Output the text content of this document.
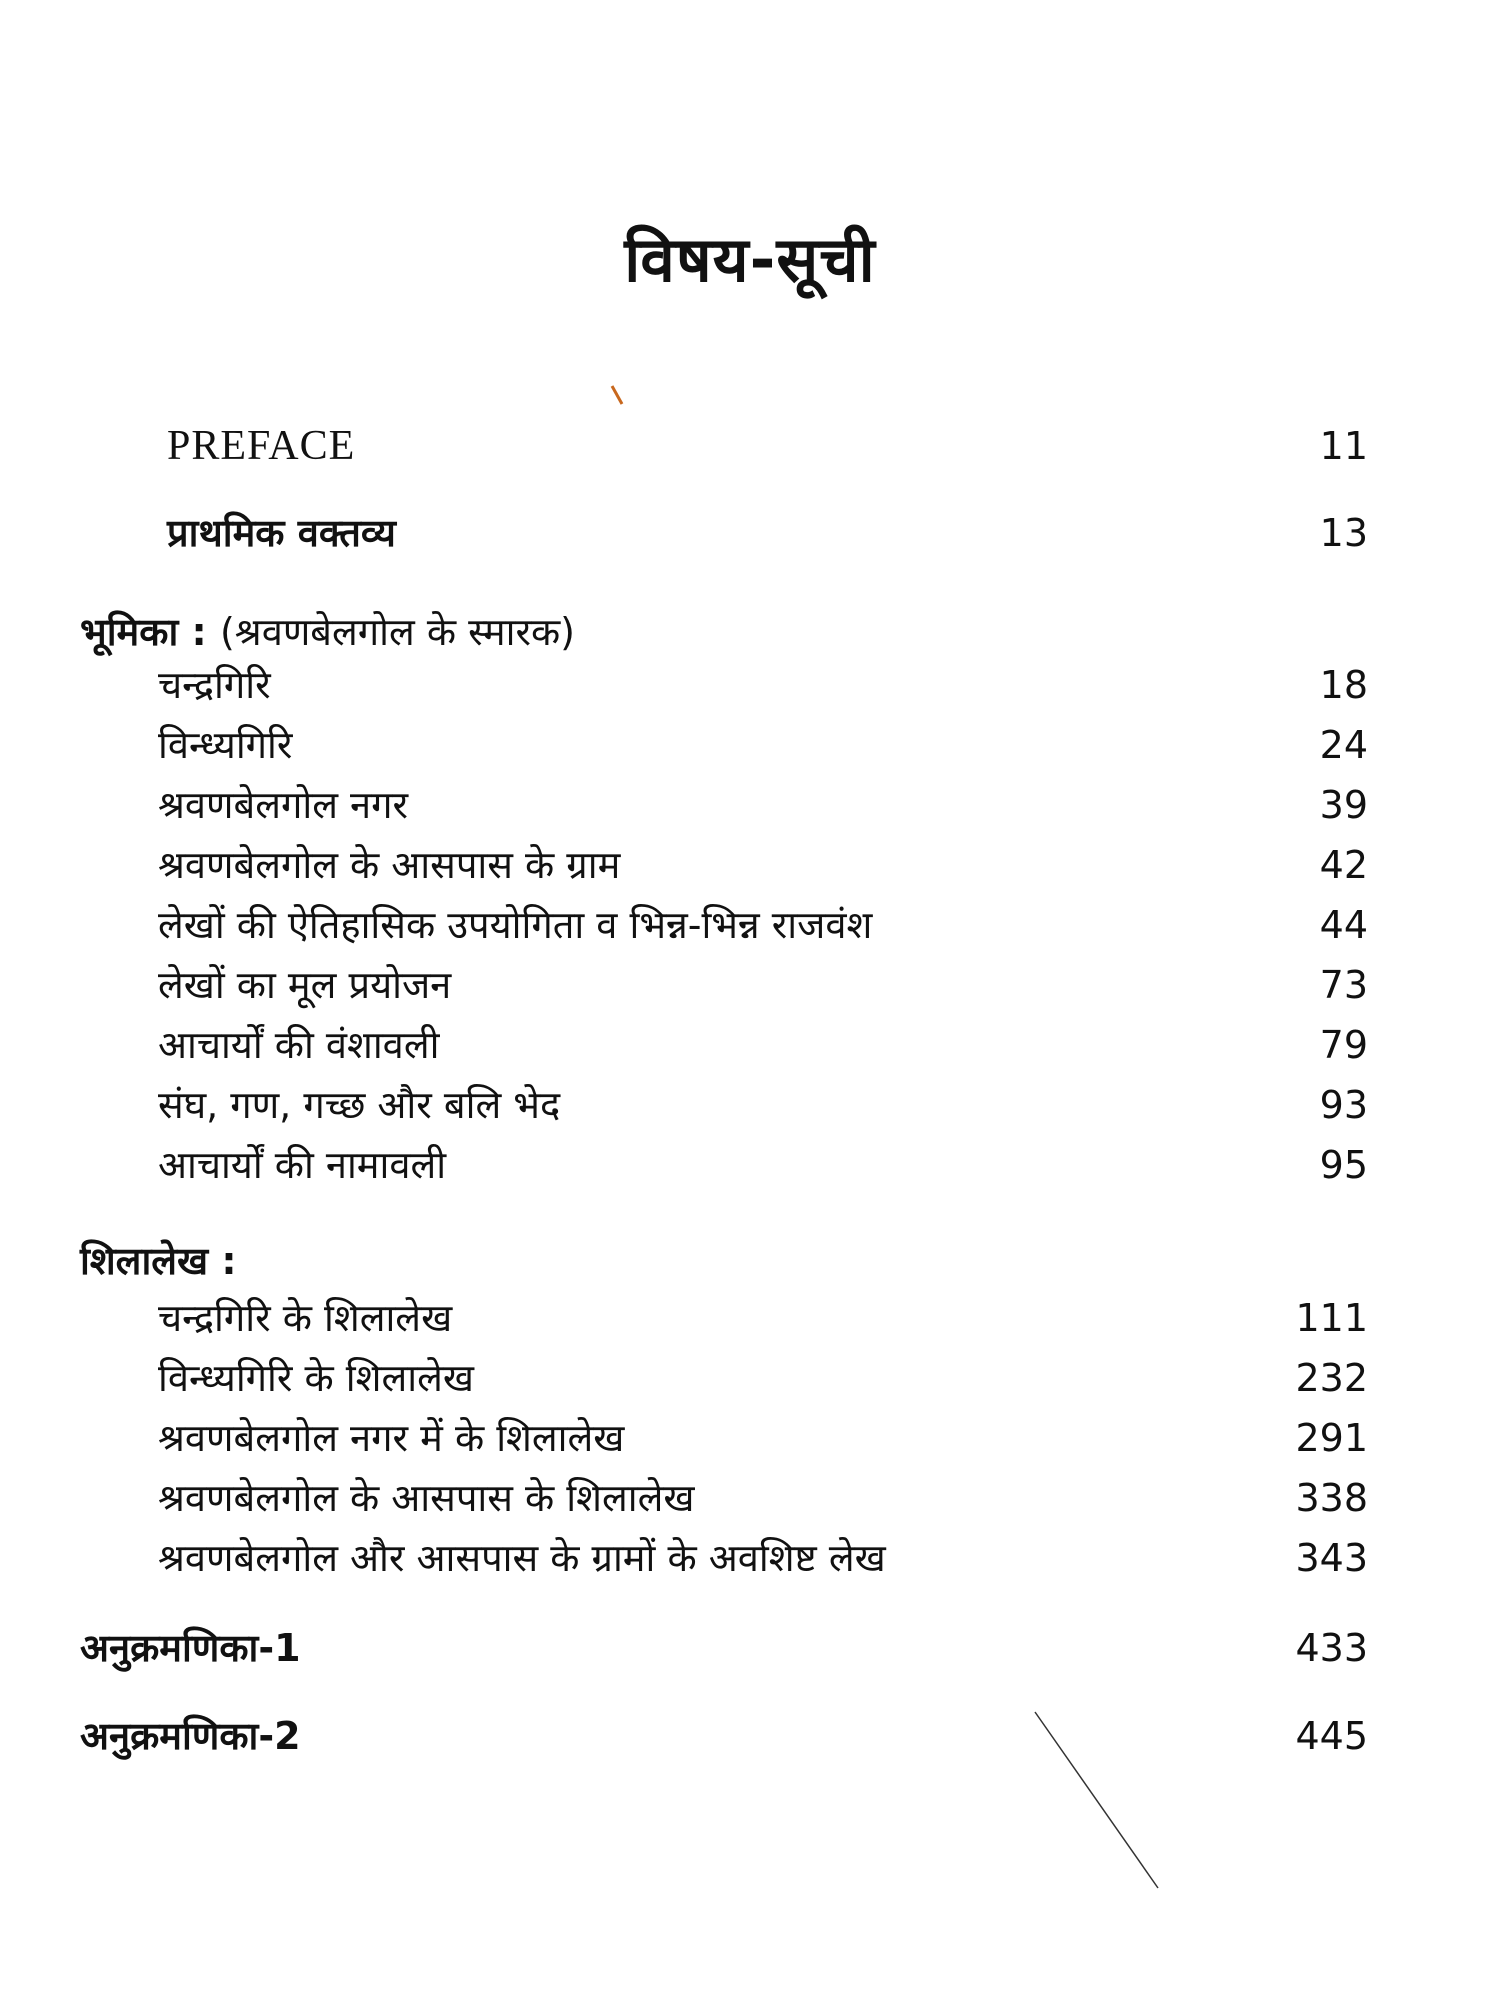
विषय-सूची
PREFACE	11
प्राथमिक वक्तव्य	13
भूमिका : (श्रवणबेलगोल के स्मारक)
चन्द्रगिरि	18
विन्ध्यगिरि	24
श्रवणबेलगोल नगर	39
श्रवणबेलगोल के आसपास के ग्राम	42
लेखों की ऐतिहासिक उपयोगिता व भिन्न-भिन्न राजवंश	44
लेखों का मूल प्रयोजन	73
आचार्यों की वंशावली	79
संघ, गण, गच्छ और बलि भेद	93
आचार्यों की नामावली	95
शिलालेख :
चन्द्रगिरि के शिलालेख	111
विन्ध्यगिरि के शिलालेख	232
श्रवणबेलगोल नगर में के शिलालेख	291
श्रवणबेलगोल के आसपास के शिलालेख	338
श्रवणबेलगोल और आसपास के ग्रामों के अवशिष्ट लेख	343
अनुक्रमणिका-1	433
अनुक्रमणिका-2	445
